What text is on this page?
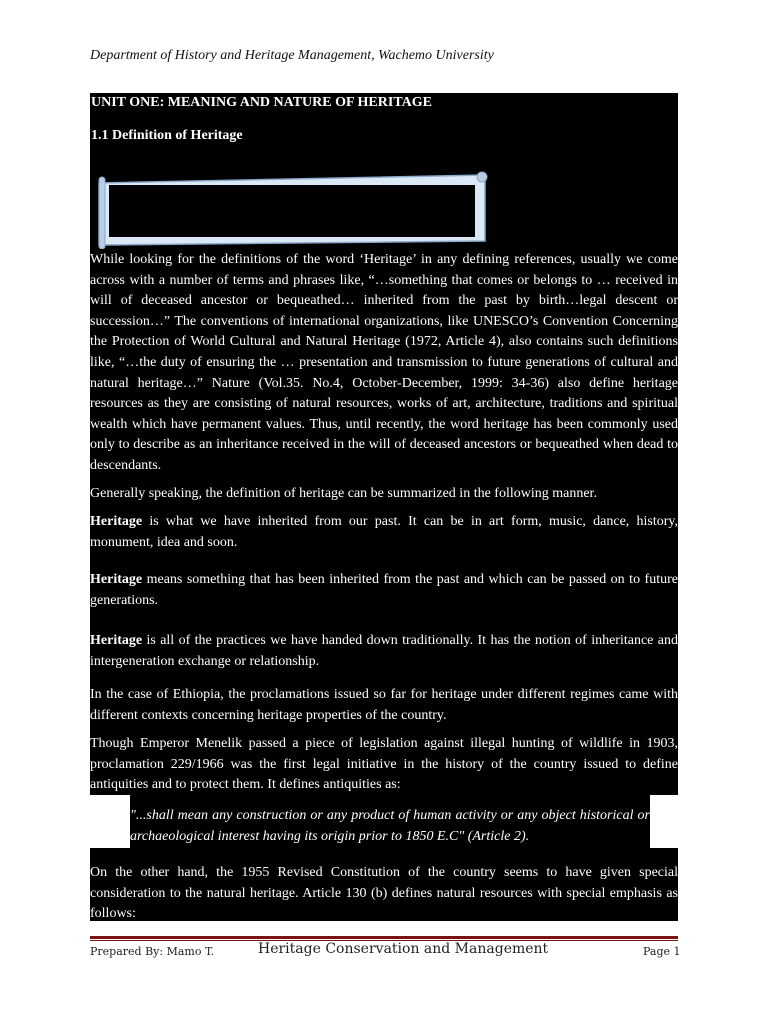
Department of History and Heritage Management, Wachemo University
UNIT ONE: MEANING AND NATURE OF HERITAGE
1.1 Definition of Heritage

While looking for the definitions of the word ‘Heritage’ in any defining references, usually we come across with a number of terms and phrases like, “…something that comes or belongs to … received in will of deceased ancestor or bequeathed… inherited from the past by birth…legal descent or succession…” The conventions of international organizations, like UNESCO’s Convention Concerning the Protection of World Cultural and Natural Heritage (1972, Article 4), also contains such definitions like, “…the duty of ensuring the … presentation and transmission to future generations of cultural and natural heritage…” Nature (Vol.35. No.4, October-December, 1999: 34-36) also define heritage resources as they are consisting of natural resources, works of art, architecture, traditions and spiritual wealth which have permanent values. Thus, until recently, the word heritage has been commonly used only to describe as an inheritance received in the will of deceased ancestors or bequeathed when dead to descendants.

Generally speaking, the definition of heritage can be summarized in the following manner.

Heritage is what we have inherited from our past. It can be in art form, music, dance, history, monument, idea and soon.

Heritage means something that has been inherited from the past and which can be passed on to future generations.

Heritage is all of the practices we have handed down traditionally. It has the notion of inheritance and intergeneration exchange or relationship.

In the case of Ethiopia, the proclamations issued so far for heritage under different regimes came with different contexts concerning heritage properties of the country.

Though Emperor Menelik passed a piece of legislation against illegal hunting of wildlife in 1903, proclamation 229/1966 was the first legal initiative in the history of the country issued to define antiquities and to protect them. It defines antiquities as:

"...shall mean any construction or any product of human activity or any object historical or archaeological interest having its origin prior to 1850 E.C" (Article 2).

On the other hand, the 1955 Revised Constitution of the country seems to have given special consideration to the natural heritage. Article 130 (b) defines natural resources with special emphasis as follows:

Prepared By: Mamo T.	Heritage Conservation and Management	Page 1
